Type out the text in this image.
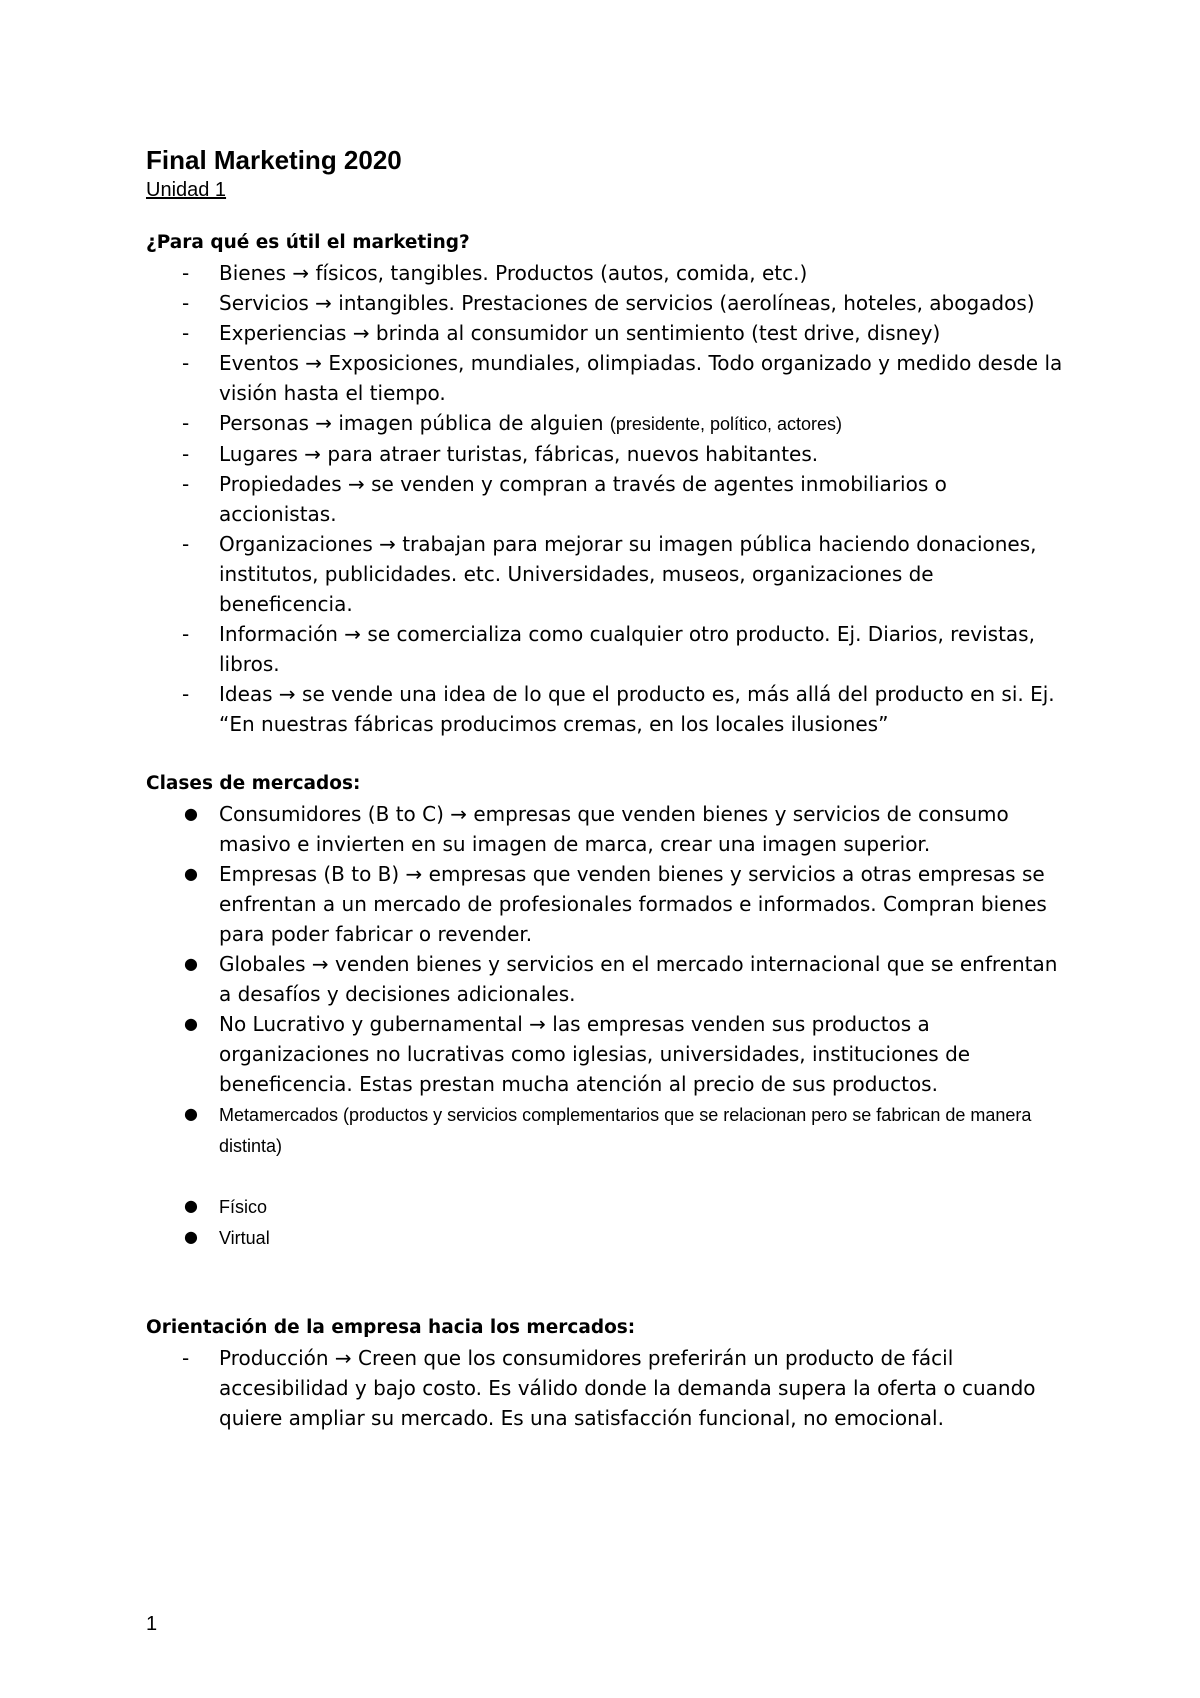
Final Marketing 2020
Unidad 1
¿Para qué es útil el marketing?
-	Bienes → físicos, tangibles. Productos (autos, comida, etc.)
-	Servicios → intangibles. Prestaciones de servicios (aerolíneas, hoteles, abogados)
-	Experiencias → brinda al consumidor un sentimiento (test drive, disney)
-	Eventos → Exposiciones, mundiales, olimpiadas. Todo organizado y medido desde la visión hasta el tiempo.
-	Personas → imagen pública de alguien (presidente, político, actores)
-	Lugares → para atraer turistas, fábricas, nuevos habitantes.
-	Propiedades → se venden y compran a través de agentes inmobiliarios o accionistas.
-	Organizaciones → trabajan para mejorar su imagen pública haciendo donaciones, institutos, publicidades. etc. Universidades, museos, organizaciones de beneficencia.
-	Información → se comercializa como cualquier otro producto. Ej. Diarios, revistas, libros.
-	Ideas → se vende una idea de lo que el producto es, más allá del producto en si. Ej. “En nuestras fábricas producimos cremas, en los locales ilusiones”
Clases de mercados:
●	Consumidores (B to C) → empresas que venden bienes y servicios de consumo masivo e invierten en su imagen de marca, crear una imagen superior.
●	Empresas (B to B) → empresas que venden bienes y servicios a otras empresas se enfrentan a un mercado de profesionales formados e informados. Compran bienes para poder fabricar o revender.
●	Globales → venden bienes y servicios en el mercado internacional que se enfrentan a desafíos y decisiones adicionales.
●	No Lucrativo y gubernamental → las empresas venden sus productos a organizaciones no lucrativas como iglesias, universidades, instituciones de beneficencia. Estas prestan mucha atención al precio de sus productos.
●	Metamercados (productos y servicios complementarios que se relacionan pero se fabrican de manera distinta)
●	Físico
●	Virtual
Orientación de la empresa hacia los mercados:
-	Producción → Creen que los consumidores preferirán un producto de fácil accesibilidad y bajo costo. Es válido donde la demanda supera la oferta o cuando quiere ampliar su mercado. Es una satisfacción funcional, no emocional.
1
